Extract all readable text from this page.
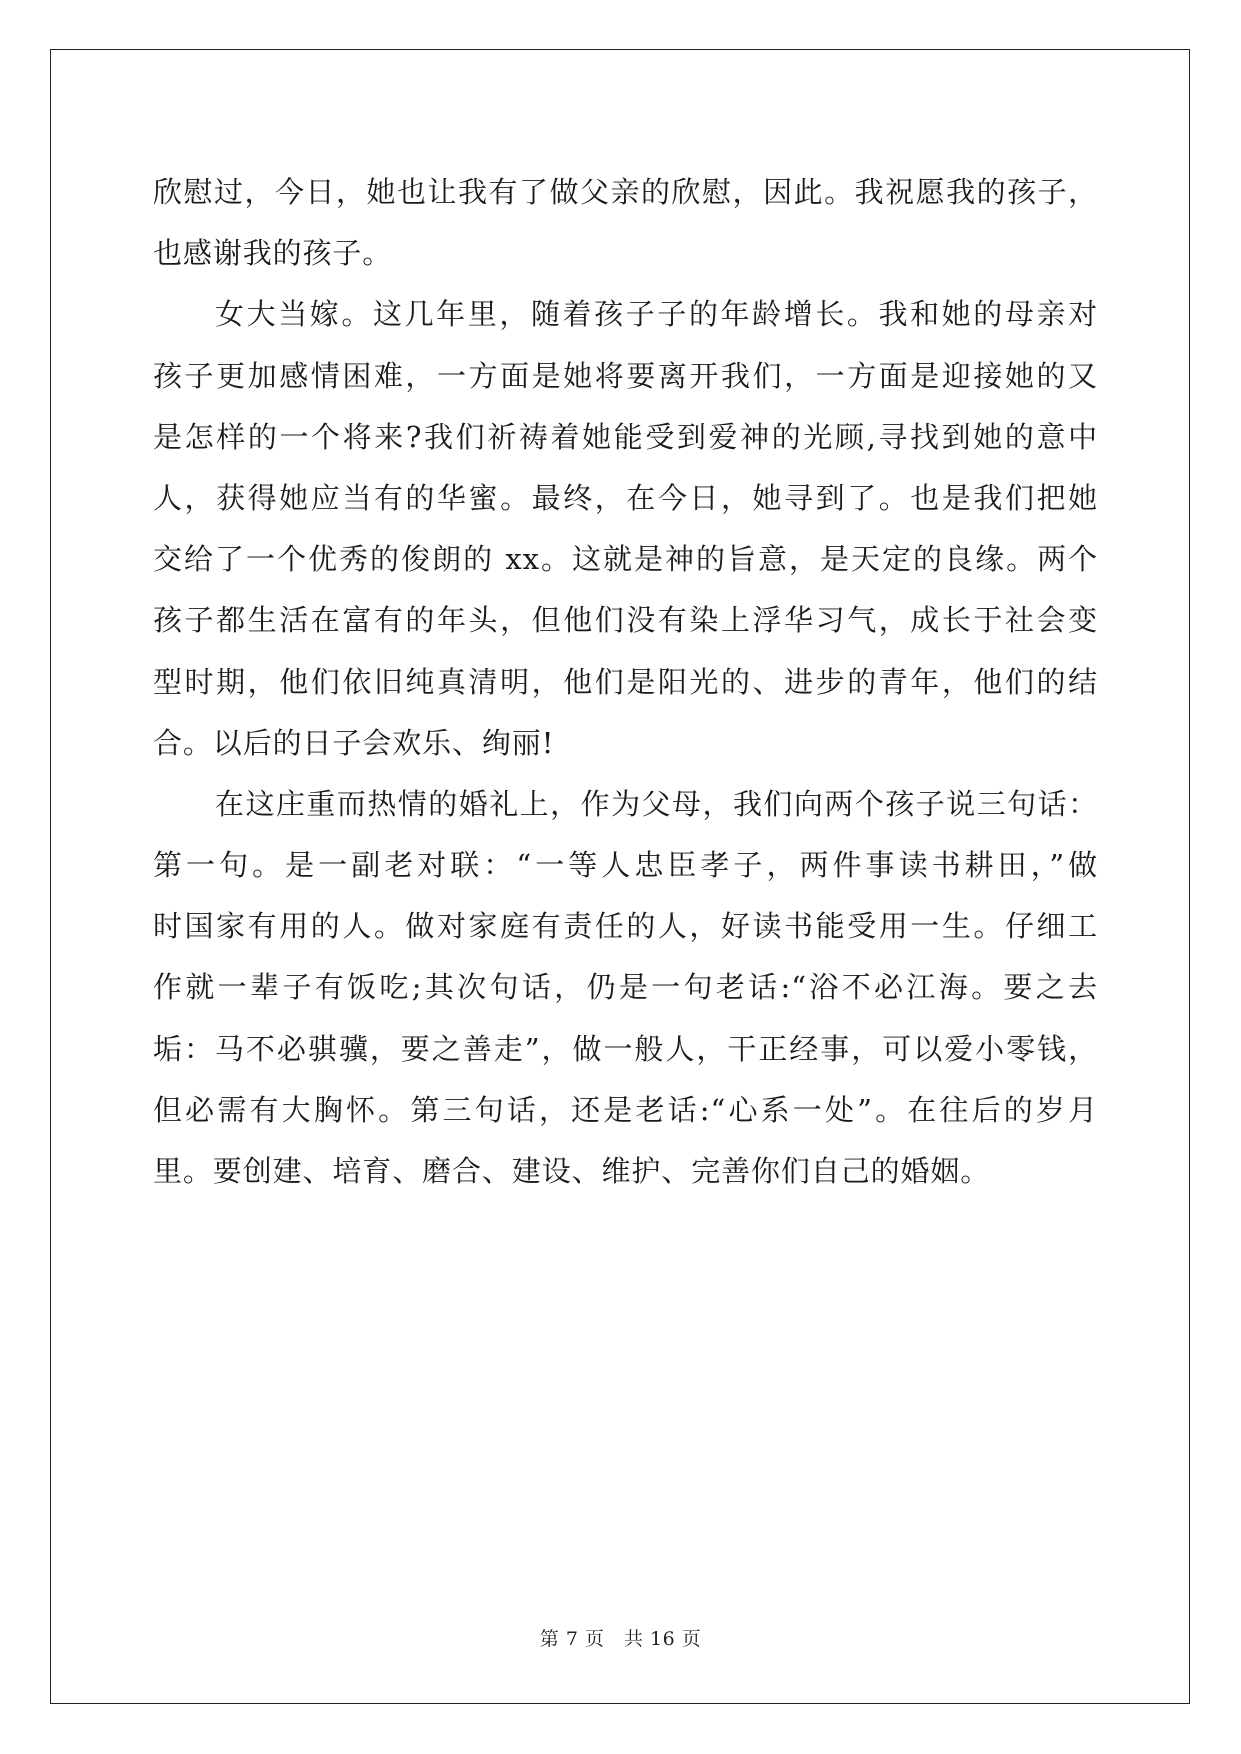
欣慰过，今日，她也让我有了做父亲的欣慰，因此。我祝愿我的孩子，
也感谢我的孩子。
女大当嫁。这几年里，随着孩子子的年龄增长。我和她的母亲对
孩子更加感情困难，一方面是她将要离开我们，一方面是迎接她的又
是怎样的一个将来?我们祈祷着她能受到爱神的光顾,寻找到她的意中
人，获得她应当有的华蜜。最终，在今日，她寻到了。也是我们把她
交给了一个优秀的俊朗的 xx。这就是神的旨意，是天定的良缘。两个
孩子都生活在富有的年头，但他们没有染上浮华习气，成长于社会变
型时期，他们依旧纯真清明，他们是阳光的、进步的青年，他们的结
合。以后的日子会欢乐、绚丽!
在这庄重而热情的婚礼上，作为父母，我们向两个孩子说三句话：
第一句。是一副老对联：“一等人忠臣孝子，两件事读书耕田，”做
时国家有用的人。做对家庭有责任的人，好读书能受用一生。仔细工
作就一辈子有饭吃;其次句话，仍是一句老话:“浴不必江海。要之去
垢：马不必骐骥，要之善走”，做一般人，干正经事，可以爱小零钱，
但必需有大胸怀。第三句话，还是老话:“心系一处”。在往后的岁月
里。要创建、培育、磨合、建设、维护、完善你们自己的婚姻。
第 7 页　共 16 页
